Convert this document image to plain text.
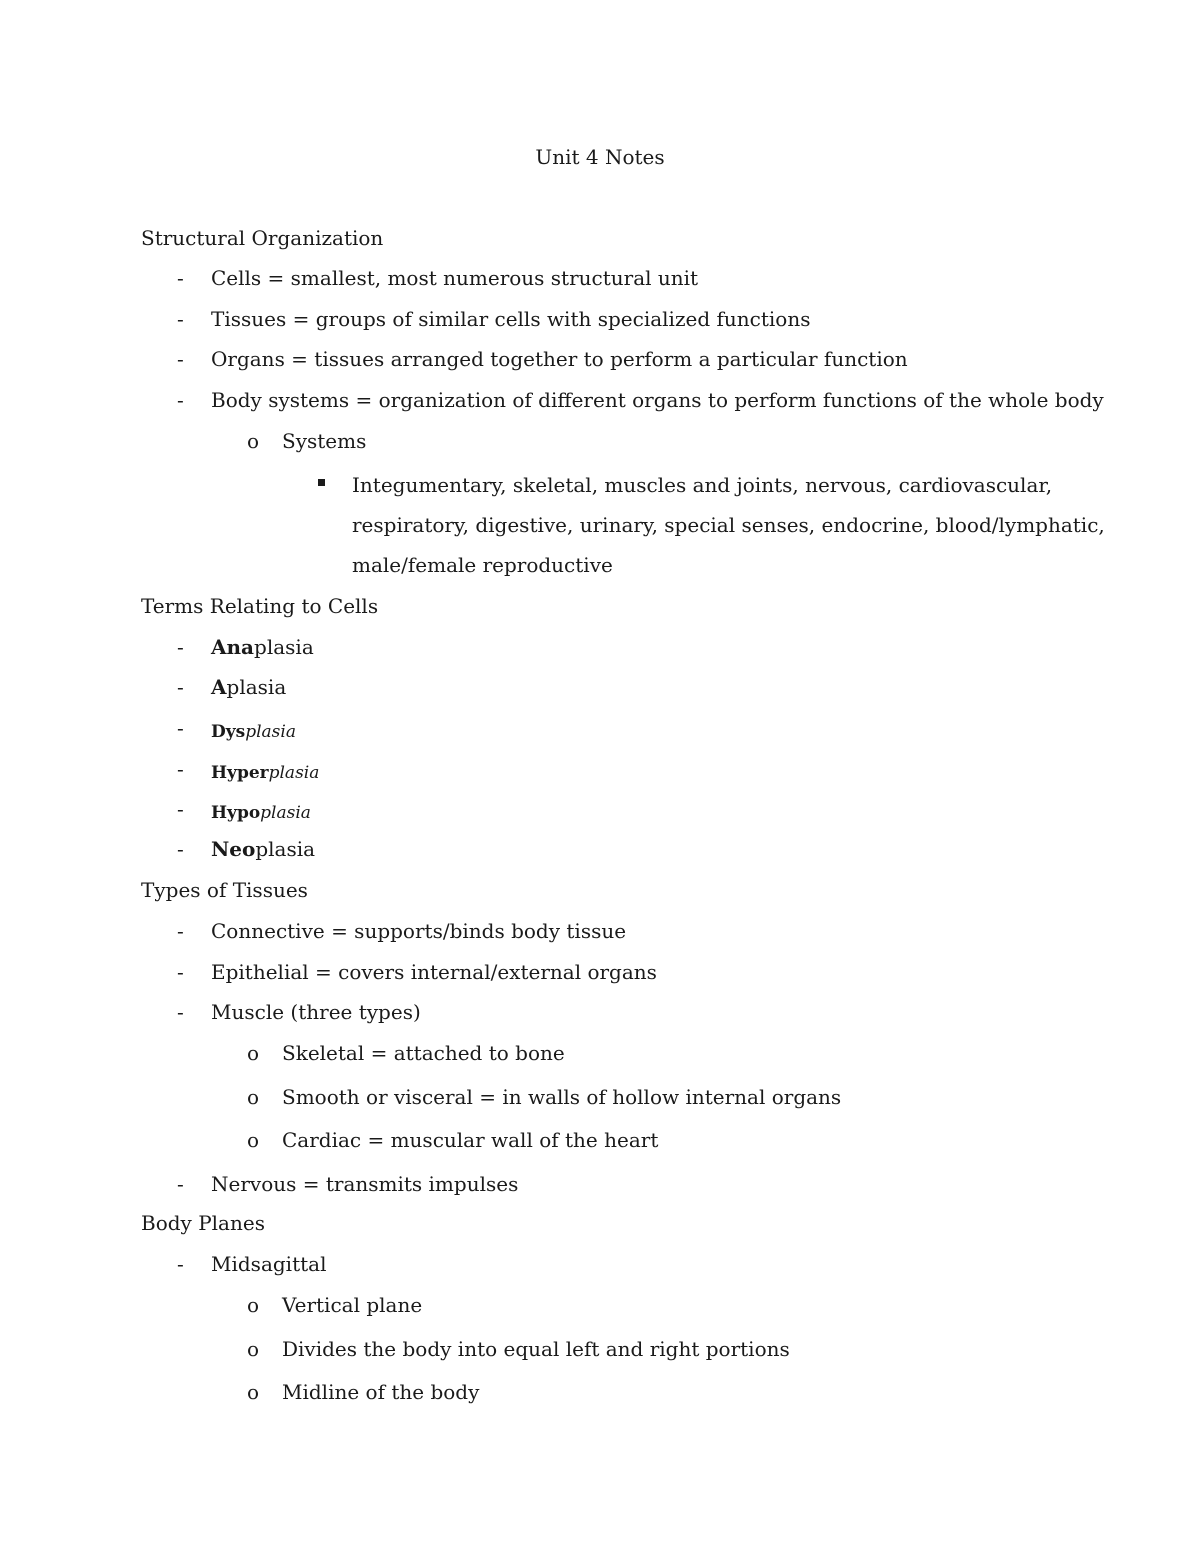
Unit 4 Notes
Structural Organization
- Cells = smallest, most numerous structural unit
- Tissues = groups of similar cells with specialized functions
- Organs = tissues arranged together to perform a particular function
- Body systems = organization of different organs to perform functions of the whole body
o Systems
Integumentary, skeletal, muscles and joints, nervous, cardiovascular,
respiratory, digestive, urinary, special senses, endocrine, blood/lymphatic,
male/female reproductive
Terms Relating to Cells
- Anaplasia
- Aplasia
- Dysplasia
- Hyperplasia
- Hypoplasia
- Neoplasia
Types of Tissues
- Connective = supports/binds body tissue
- Epithelial = covers internal/external organs
- Muscle (three types)
o Skeletal = attached to bone
o Smooth or visceral = in walls of hollow internal organs
o Cardiac = muscular wall of the heart
- Nervous = transmits impulses
Body Planes
- Midsagittal
o Vertical plane
o Divides the body into equal left and right portions
o Midline of the body
